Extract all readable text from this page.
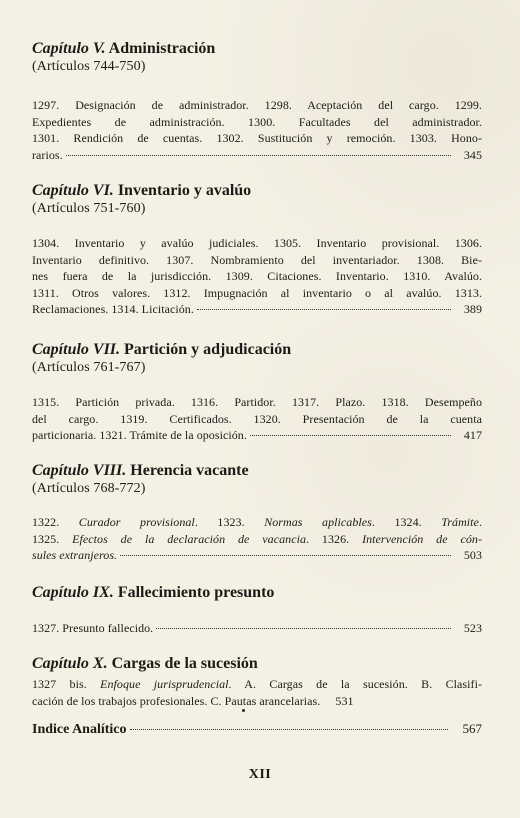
Capítulo V. Administración
(Artículos 744-750)
1297. Designación de administrador. 1298. Aceptación del cargo. 1299.
Expedientes de administración. 1300. Facultades del administrador.
1301. Rendición de cuentas. 1302. Sustitución y remoción. 1303. Hono-
rarios.	345
Capítulo VI. Inventario y avalúo
(Artículos 751-760)
1304. Inventario y avalúo judiciales. 1305. Inventario provisional. 1306.
Inventario definitivo. 1307. Nombramiento del inventariador. 1308. Bie-
nes fuera de la jurisdicción. 1309. Citaciones. Inventario. 1310. Avalúo.
1311. Otros valores. 1312. Impugnación al inventario o al avalúo. 1313.
Reclamaciones. 1314. Licitación.	389
Capítulo VII. Partición y adjudicación
(Artículos 761-767)
1315. Partición privada. 1316. Partidor. 1317. Plazo. 1318. Desempeño
del cargo. 1319. Certificados. 1320. Presentación de la cuenta
particionaria. 1321. Trámite de la oposición.	417
Capítulo VIII. Herencia vacante
(Artículos 768-772)
1322. Curador provisional. 1323. Normas aplicables. 1324. Trámite.
1325. Efectos de la declaración de vacancia. 1326. Intervención de cón-
sules extranjeros.	503
Capítulo IX. Fallecimiento presunto
1327. Presunto fallecido.	523
Capítulo X. Cargas de la sucesión
1327 bis. Enfoque jurisprudencial. A. Cargas de la sucesión. B. Clasifi-
cación de los trabajos profesionales. C. Pautas arancelarias. 531
Indice Analítico	567
XII
